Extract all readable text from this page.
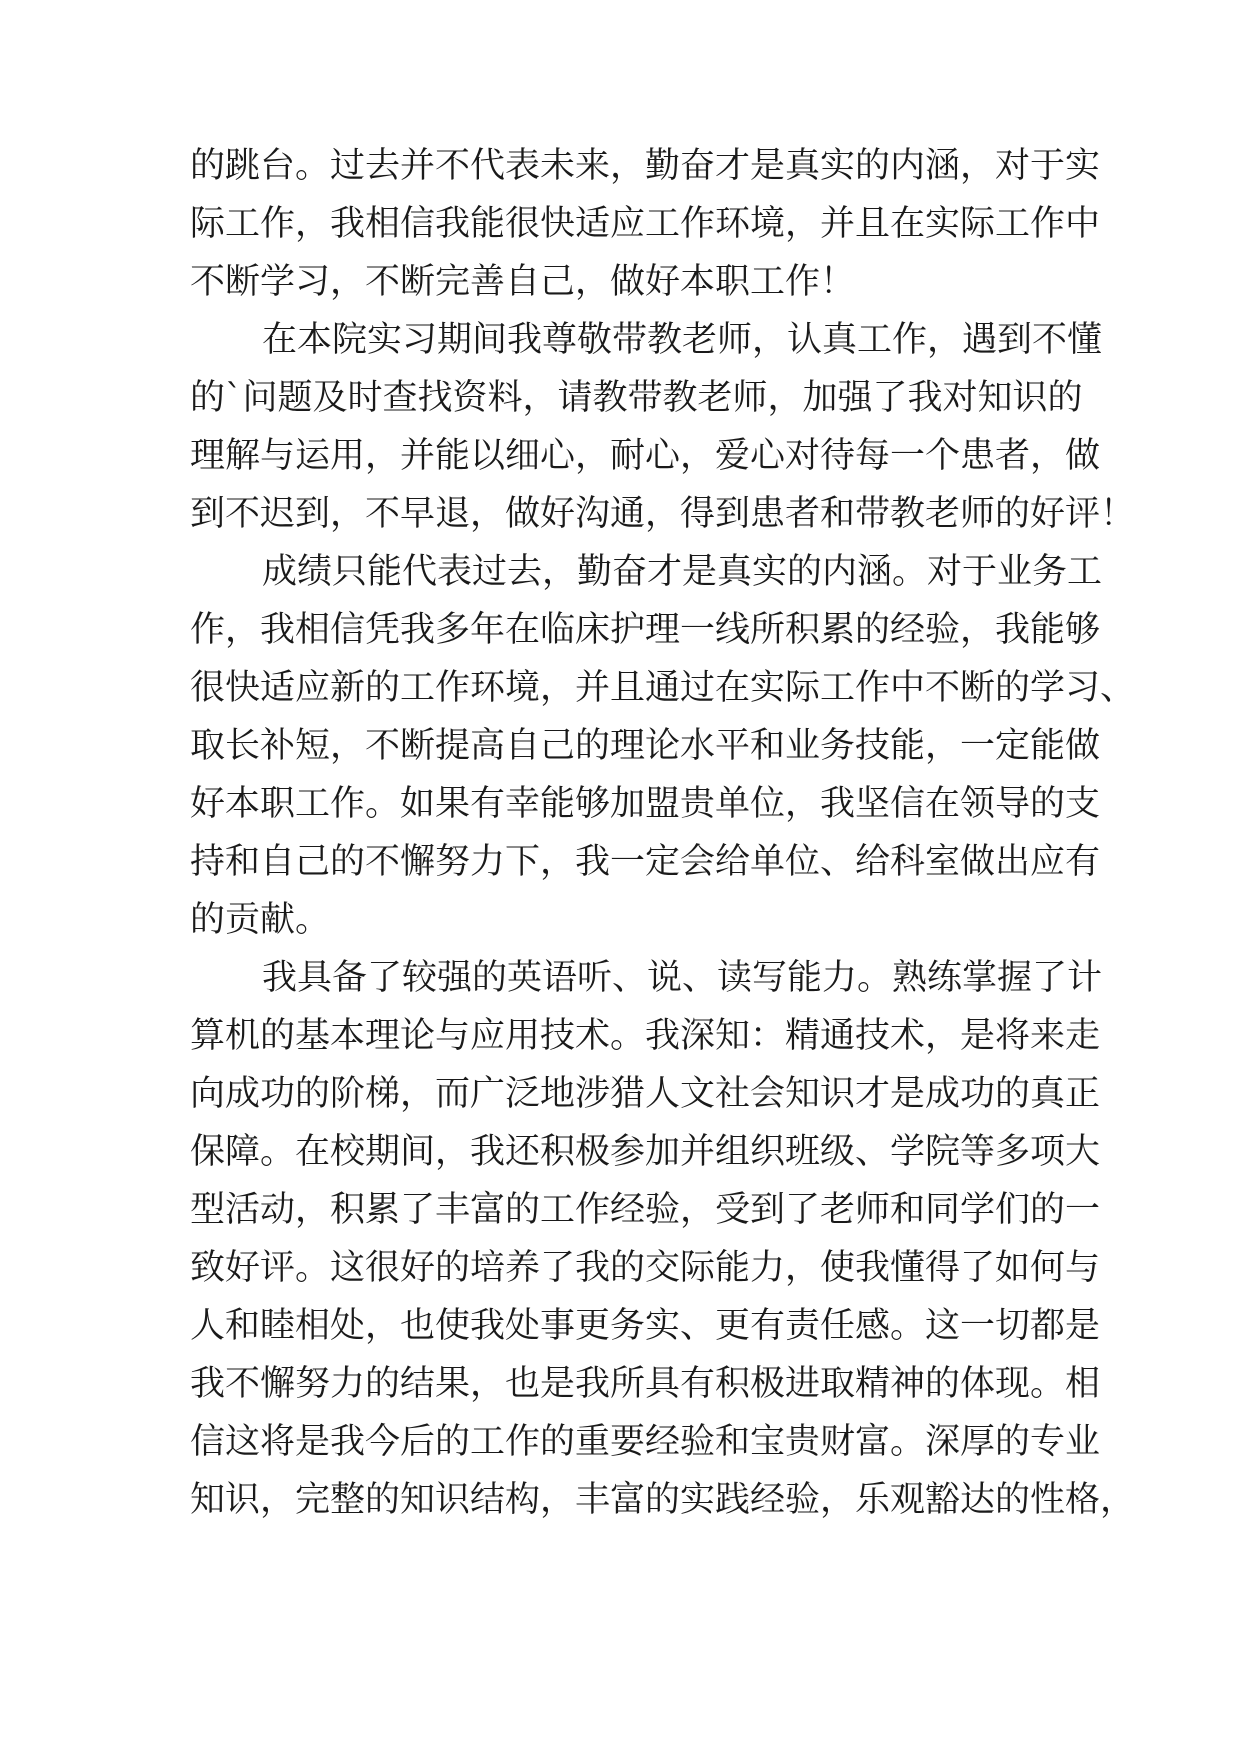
的跳台。过去并不代表未来，勤奋才是真实的内涵，对于实
际工作，我相信我能很快适应工作环境，并且在实际工作中
不断学习，不断完善自己，做好本职工作！
在本院实习期间我尊敬带教老师，认真工作，遇到不懂
的`问题及时查找资料，请教带教老师，加强了我对知识的
理解与运用，并能以细心，耐心，爱心对待每一个患者，做
到不迟到，不早退，做好沟通，得到患者和带教老师的好评！
成绩只能代表过去，勤奋才是真实的内涵。对于业务工
作，我相信凭我多年在临床护理一线所积累的经验，我能够
很快适应新的工作环境，并且通过在实际工作中不断的学习、
取长补短，不断提高自己的理论水平和业务技能，一定能做
好本职工作。如果有幸能够加盟贵单位，我坚信在领导的支
持和自己的不懈努力下，我一定会给单位、给科室做出应有
的贡献。
我具备了较强的英语听、说、读写能力。熟练掌握了计
算机的基本理论与应用技术。我深知：精通技术，是将来走
向成功的阶梯，而广泛地涉猎人文社会知识才是成功的真正
保障。在校期间，我还积极参加并组织班级、学院等多项大
型活动，积累了丰富的工作经验，受到了老师和同学们的一
致好评。这很好的培养了我的交际能力，使我懂得了如何与
人和睦相处，也使我处事更务实、更有责任感。这一切都是
我不懈努力的结果，也是我所具有积极进取精神的体现。相
信这将是我今后的工作的重要经验和宝贵财富。深厚的专业
知识，完整的知识结构，丰富的实践经验，乐观豁达的性格，
